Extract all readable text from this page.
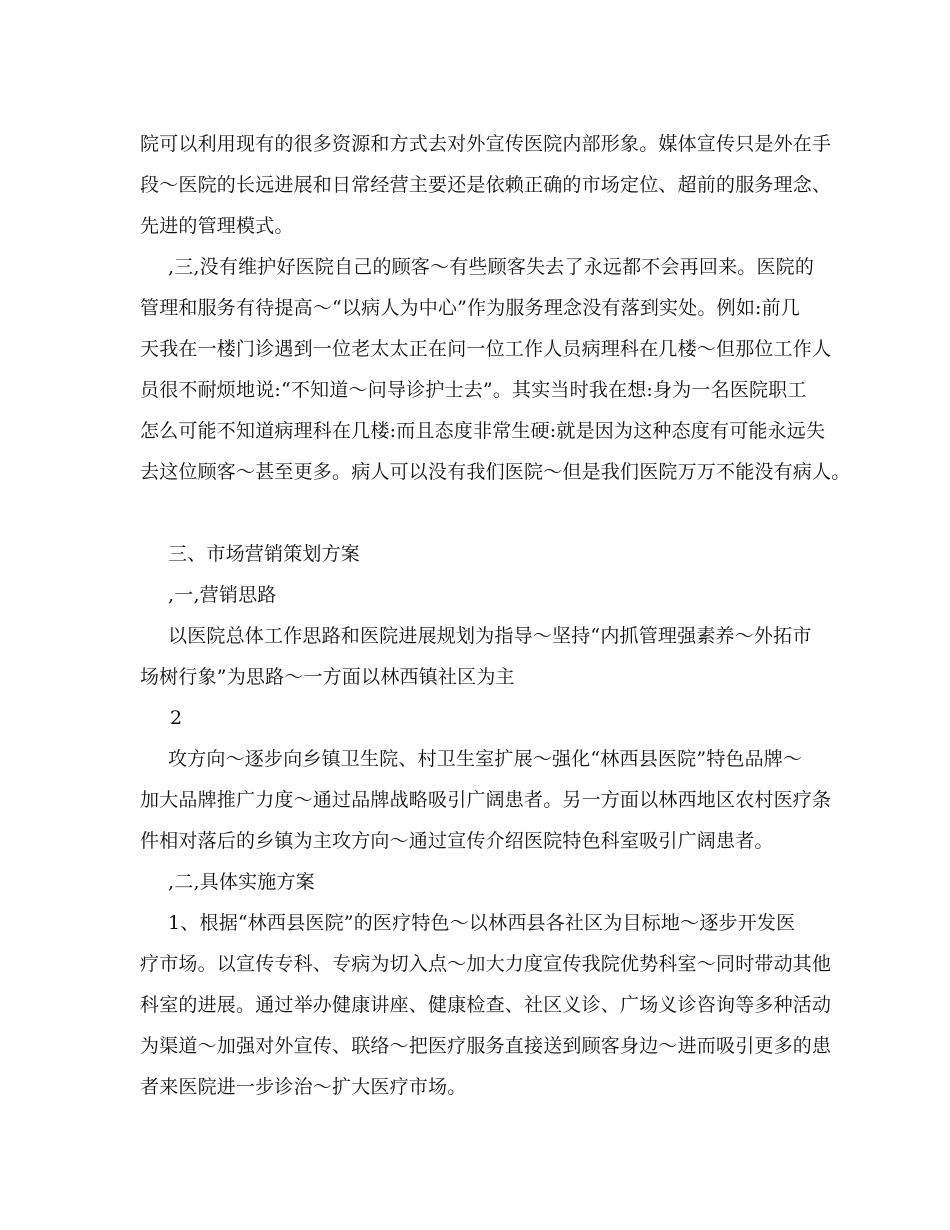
院可以利用现有的很多资源和方式去对外宣传医院内部形象。媒体宣传只是外在手
段～医院的长远进展和日常经营主要还是依赖正确的市场定位、超前的服务理念、
先进的管理模式。
,三,没有维护好医院自己的顾客～有些顾客失去了永远都不会再回来。医院的
管理和服务有待提高～“以病人为中心”作为服务理念没有落到实处。例如:前几
天我在一楼门诊遇到一位老太太正在问一位工作人员病理科在几楼～但那位工作人
员很不耐烦地说:“不知道～问导诊护士去”。其实当时我在想:身为一名医院职工
怎么可能不知道病理科在几楼:而且态度非常生硬:就是因为这种态度有可能永远失
去这位顾客～甚至更多。病人可以没有我们医院～但是我们医院万万不能没有病人。
三、市场营销策划方案
,一,营销思路
以医院总体工作思路和医院进展规划为指导～坚持“内抓管理强素养～外拓市
场树行象”为思路～一方面以林西镇社区为主
2
攻方向～逐步向乡镇卫生院、村卫生室扩展～强化“林西县医院”特色品牌～
加大品牌推广力度～通过品牌战略吸引广阔患者。另一方面以林西地区农村医疗条
件相对落后的乡镇为主攻方向～通过宣传介绍医院特色科室吸引广阔患者。
,二,具体实施方案
1、根据“林西县医院”的医疗特色～以林西县各社区为目标地～逐步开发医
疗市场。以宣传专科、专病为切入点～加大力度宣传我院优势科室～同时带动其他
科室的进展。通过举办健康讲座、健康检查、社区义诊、广场义诊咨询等多种活动
为渠道～加强对外宣传、联络～把医疗服务直接送到顾客身边～进而吸引更多的患
者来医院进一步诊治～扩大医疗市场。
